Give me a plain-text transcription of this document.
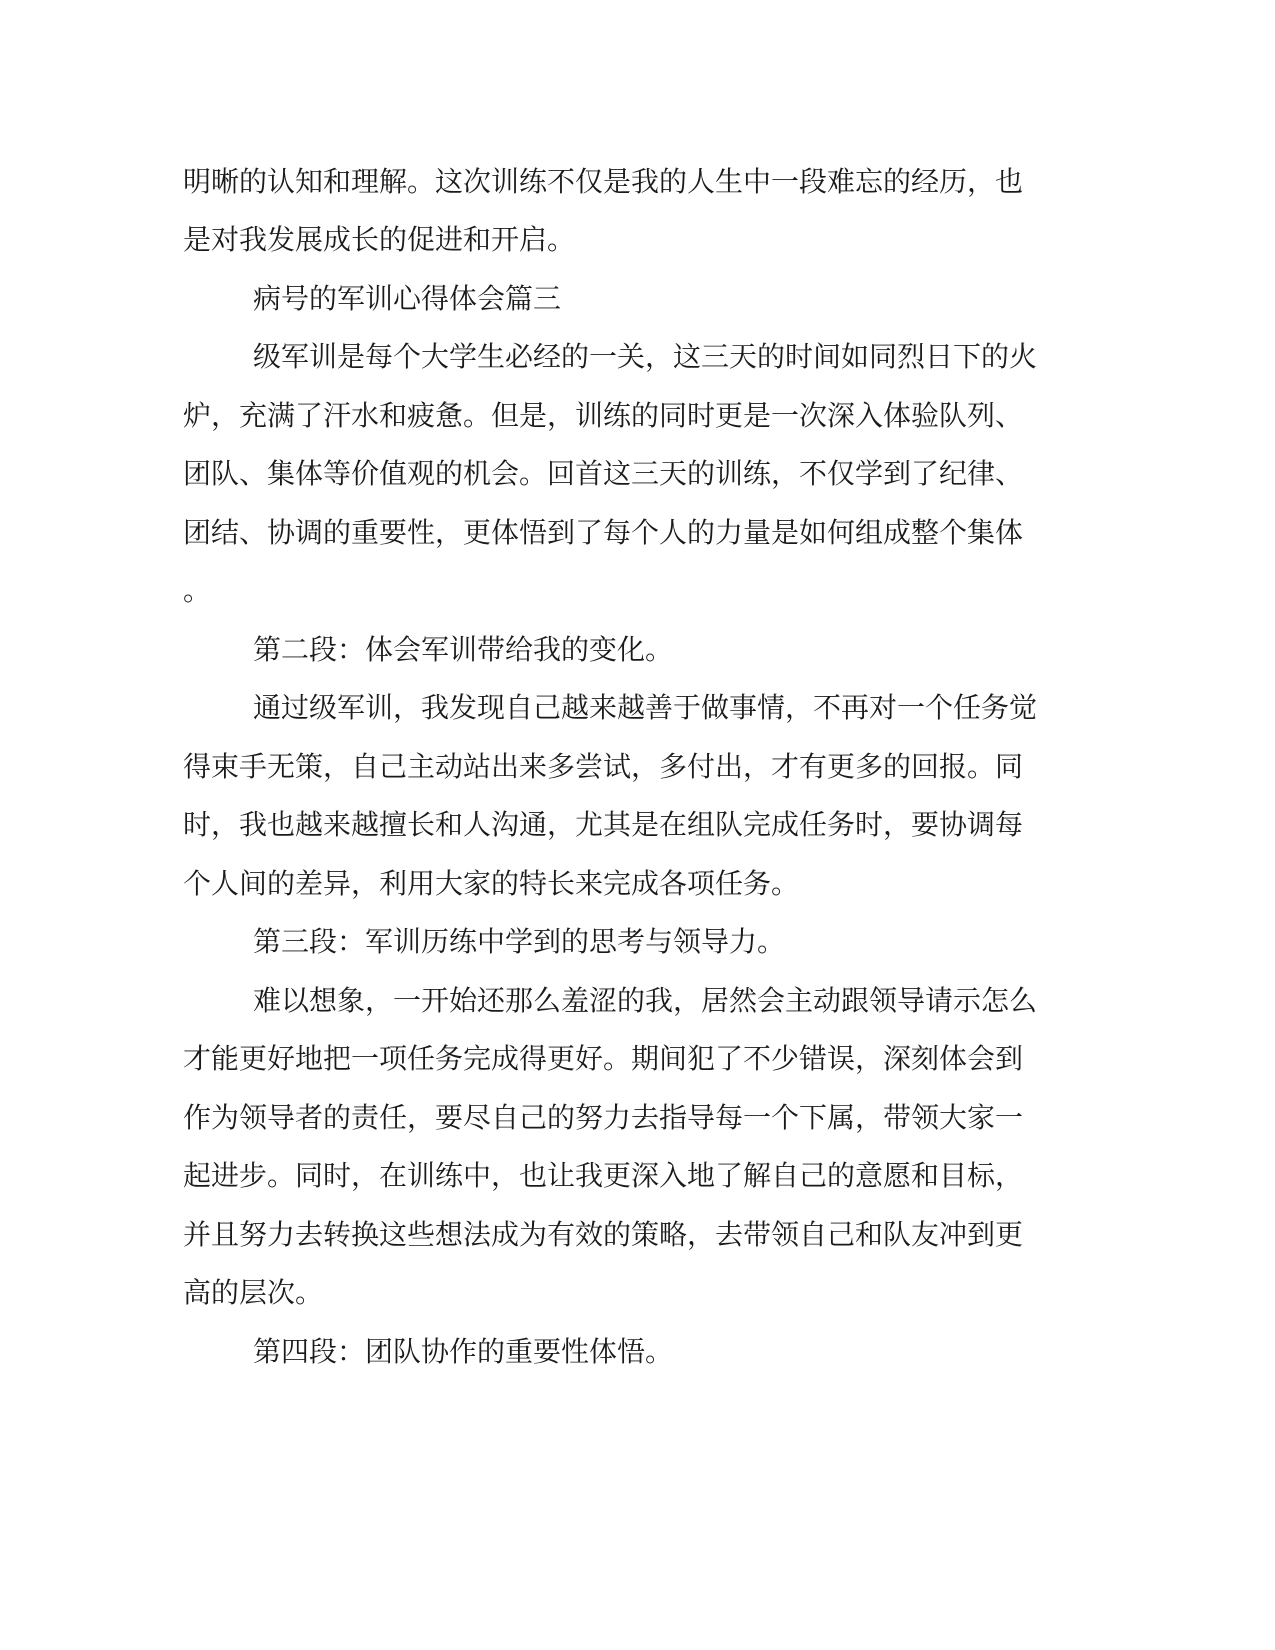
明晰的认知和理解。这次训练不仅是我的人生中一段难忘的经历，也
是对我发展成长的促进和开启。
病号的军训心得体会篇三
级军训是每个大学生必经的一关，这三天的时间如同烈日下的火
炉，充满了汗水和疲惫。但是，训练的同时更是一次深入体验队列、
团队、集体等价值观的机会。回首这三天的训练，不仅学到了纪律、
团结、协调的重要性，更体悟到了每个人的力量是如何组成整个集体
。
第二段：体会军训带给我的变化。
通过级军训，我发现自己越来越善于做事情，不再对一个任务觉
得束手无策，自己主动站出来多尝试，多付出，才有更多的回报。同
时，我也越来越擅长和人沟通，尤其是在组队完成任务时，要协调每
个人间的差异，利用大家的特长来完成各项任务。
第三段：军训历练中学到的思考与领导力。
难以想象，一开始还那么羞涩的我，居然会主动跟领导请示怎么
才能更好地把一项任务完成得更好。期间犯了不少错误，深刻体会到
作为领导者的责任，要尽自己的努力去指导每一个下属，带领大家一
起进步。同时，在训练中，也让我更深入地了解自己的意愿和目标，
并且努力去转换这些想法成为有效的策略，去带领自己和队友冲到更
高的层次。
第四段：团队协作的重要性体悟。
